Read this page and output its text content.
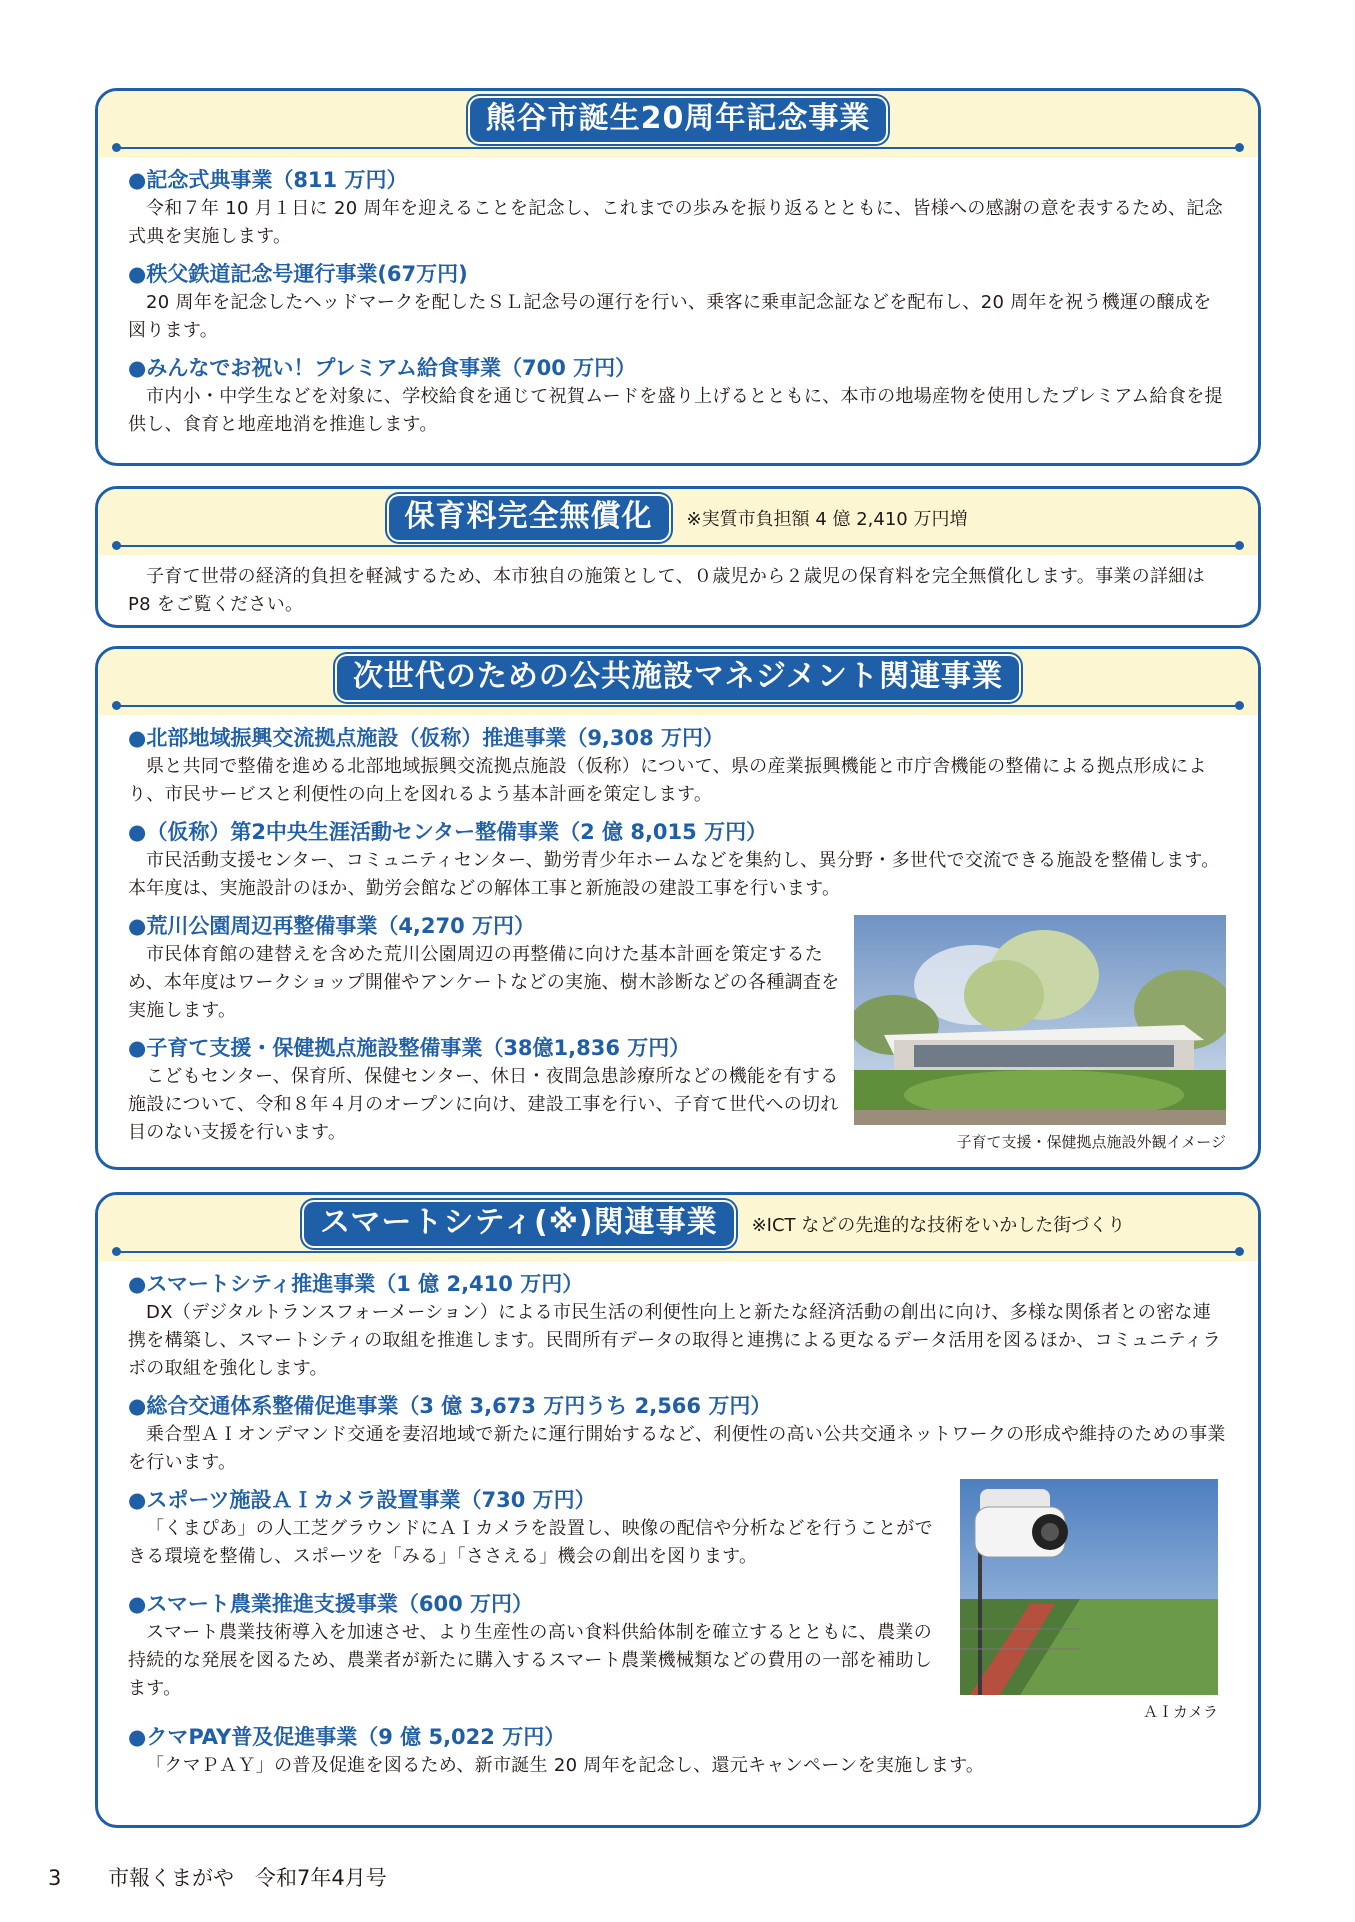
熊谷市誕生20周年記念事業
●記念式典事業（811 万円）
令和７年 10 月１日に 20 周年を迎えることを記念し、これまでの歩みを振り返るとともに、皆様への感謝の意を表するため、記念式典を実施します。
●秩父鉄道記念号運行事業(67万円)
20 周年を記念したヘッドマークを配したＳＬ記念号の運行を行い、乗客に乗車記念証などを配布し、20 周年を祝う機運の醸成を図ります。
●みんなでお祝い！プレミアム給食事業（700 万円）
市内小・中学生などを対象に、学校給食を通じて祝賀ムードを盛り上げるとともに、本市の地場産物を使用したプレミアム給食を提供し、食育と地産地消を推進します。
保育料完全無償化	※実質市負担額 4 億 2,410 万円増
子育て世帯の経済的負担を軽減するため、本市独自の施策として、０歳児から２歳児の保育料を完全無償化します。事業の詳細は P8 をご覧ください。
次世代のための公共施設マネジメント関連事業
●北部地域振興交流拠点施設（仮称）推進事業（9,308 万円）
県と共同で整備を進める北部地域振興交流拠点施設（仮称）について、県の産業振興機能と市庁舎機能の整備による拠点形成により、市民サービスと利便性の向上を図れるよう基本計画を策定します。
●（仮称）第2中央生涯活動センター整備事業（2 億 8,015 万円）
市民活動支援センター、コミュニティセンター、勤労青少年ホームなどを集約し、異分野・多世代で交流できる施設を整備します。本年度は、実施設計のほか、勤労会館などの解体工事と新施設の建設工事を行います。
●荒川公園周辺再整備事業（4,270 万円）
市民体育館の建替えを含めた荒川公園周辺の再整備に向けた基本計画を策定するため、本年度はワークショップ開催やアンケートなどの実施、樹木診断などの各種調査を実施します。
●子育て支援・保健拠点施設整備事業（38億1,836 万円）
こどもセンター、保育所、保健センター、休日・夜間急患診療所などの機能を有する施設について、令和８年４月のオープンに向け、建設工事を行い、子育て世代への切れ目のない支援を行います。	子育て支援・保健拠点施設外観イメージ
スマートシティ(※)関連事業	※ICT などの先進的な技術をいかした街づくり
●スマートシティ推進事業（1 億 2,410 万円）
DX（デジタルトランスフォーメーション）による市民生活の利便性向上と新たな経済活動の創出に向け、多様な関係者との密な連携を構築し、スマートシティの取組を推進します。民間所有データの取得と連携による更なるデータ活用を図るほか、コミュニティラボの取組を強化します。
●総合交通体系整備促進事業（3 億 3,673 万円うち 2,566 万円）
乗合型ＡＩオンデマンド交通を妻沼地域で新たに運行開始するなど、利便性の高い公共交通ネットワークの形成や維持のための事業を行います。
●スポーツ施設ＡＩカメラ設置事業（730 万円）
「くまぴあ」の人工芝グラウンドにＡＩカメラを設置し、映像の配信や分析などを行うことができる環境を整備し、スポーツを「みる」「ささえる」機会の創出を図ります。
●スマート農業推進支援事業（600 万円）
スマート農業技術導入を加速させ、より生産性の高い食料供給体制を確立するとともに、農業の持続的な発展を図るため、農業者が新たに購入するスマート農業機械類などの費用の一部を補助します。
ＡＩカメラ
●クマPAY普及促進事業（9 億 5,022 万円）
「クマＰＡＹ」の普及促進を図るため、新市誕生 20 周年を記念し、還元キャンペーンを実施します。
3 市報くまがや　令和7年4月号
